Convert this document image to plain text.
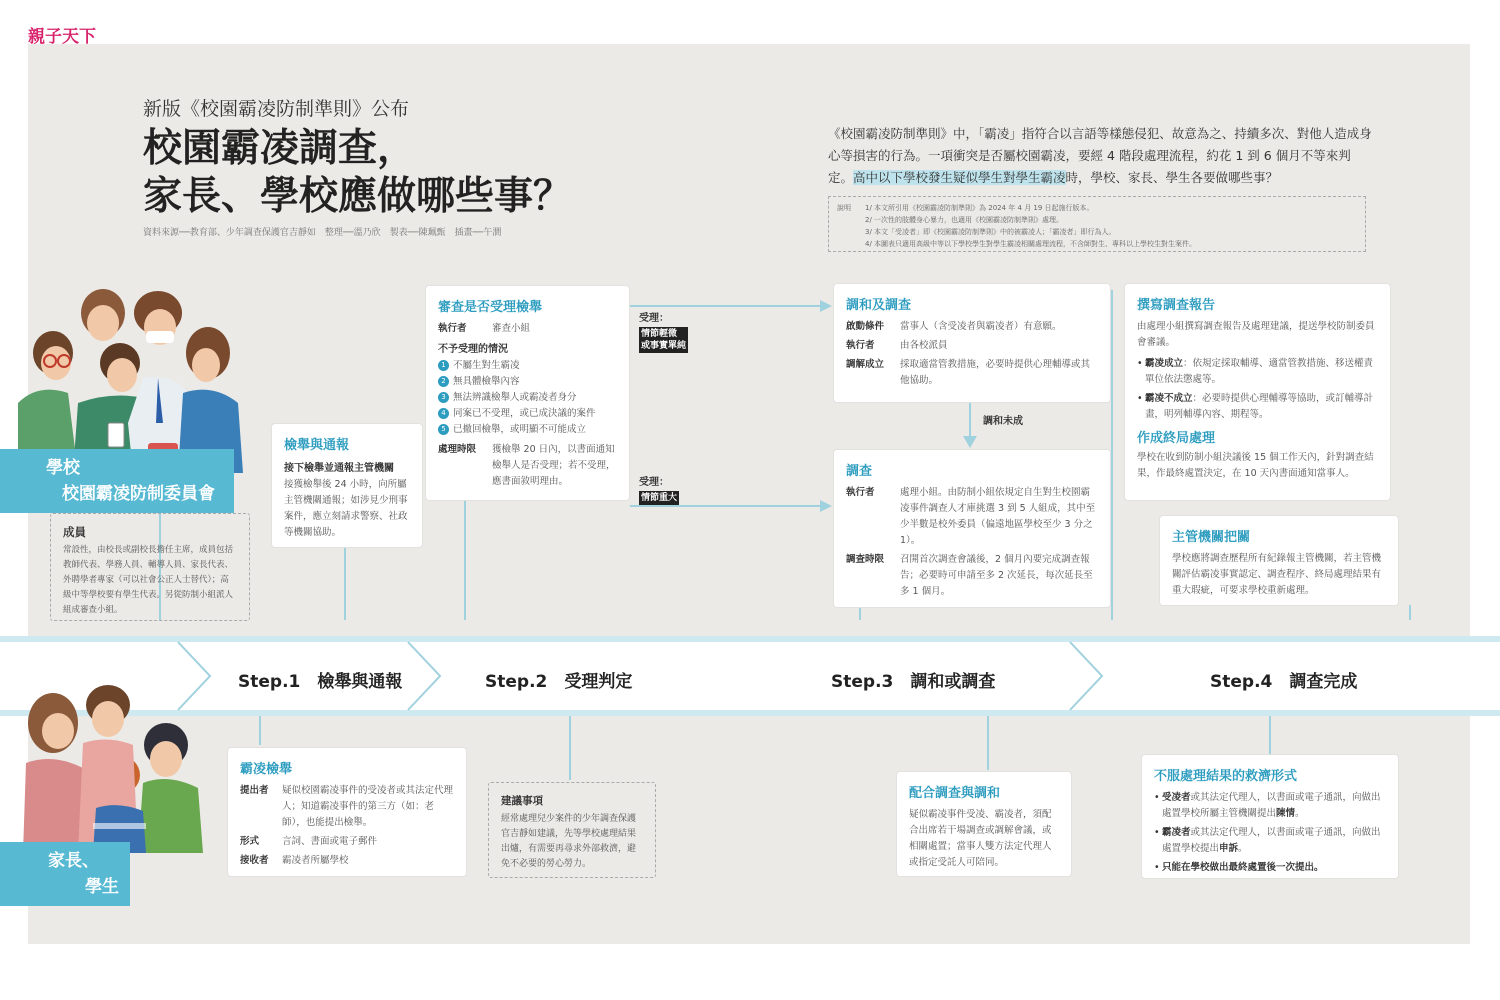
親子天下
新版《校園霸凌防制準則》公布
校園霸凌調查，
家長、學校應做哪些事？
資料來源──教育部、少年調查保護官吉靜如　整理──溫乃欣　製表──陳珮甄　插畫──午澗
《校園霸凌防制準則》中，「霸凌」指符合以言語等樣態侵犯、故意為之、持續多次、對他人造成身心等損害的行為。一項衝突是否屬校園霸凌，要經 4 階段處理流程，約花 1 到 6 個月不等來判定。高中以下學校發生疑似學生對學生霸凌時，學校、家長、學生各要做哪些事？
說明	1/ 本文所引用《校園霸凌防制準則》為 2024 年 4 月 19 日起施行版本。
2/ 一次性的肢體身心暴力，也適用《校園霸凌防制準則》處理。
3/ 本文「受凌者」即《校園霸凌防制準則》中的被霸凌人；「霸凌者」即行為人。
4/ 本圖表只適用高級中等以下學校學生對學生霸凌相關處理流程，不含師對生、專科以上學校生對生案件。
Step.1　檢舉與通報	Step.2　受理判定	Step.3　調和或調查	Step.4　調查完成
學校
校園霸凌防制委員會
家長、
學生
成員
常設性，由校長或副校長擔任主席，成員包括教師代表、學務人員、輔導人員、家長代表、外聘學者專家（可以社會公正人士替代）；高級中等學校要有學生代表。另從防制小組派人組成審查小組。
檢舉與通報
接下檢舉並通報主管機關
接獲檢舉後 24 小時，向所屬主管機關通報；如涉見少刑事案件，應立刻請求警察、社政等機關協助。
審查是否受理檢舉
執行者	審查小組
不予受理的情況
1 不屬生對生霸凌
2 無具體檢舉內容
3 無法辨識檢舉人或霸凌者身分
4 同案已不受理，或已成決議的案件
5 已撤回檢舉，或明顯不可能成立
處理時限	獲檢舉 20 日內，以書面通知檢舉人是否受理；若不受理，應書面敘明理由。
受理：
情節輕微
或事實單純
受理：
情節重大
調和及調查
啟動條件	當事人（含受凌者與霸凌者）有意願。
執行者	由各校派員
調解成立	採取適當管教措施，必要時提供心理輔導或其他協助。
調和未成
調查
執行者	處理小組。由防制小組依規定自生對生校園霸凌事件調查人才庫挑選 3 到 5 人組成，其中至少半數是校外委員（偏遠地區學校至少 3 分之 1）。
調查時限	召開首次調查會議後，2 個月內要完成調查報告；必要時可申請至多 2 次延長，每次延長至多 1 個月。
撰寫調查報告
由處理小組撰寫調查報告及處理建議，提送學校防制委員會審議。
• 霸凌成立：依規定採取輔導、適當管教措施、移送權責單位依法懲處等。
• 霸凌不成立：必要時提供心理輔導等協助，或訂輔導計畫，明列輔導內容、期程等。
作成終局處理
學校在收到防制小組決議後 15 個工作天內，針對調查結果，作最終處置決定，在 10 天內書面通知當事人。
主管機關把關
學校應將調查歷程所有紀錄報主管機關，若主管機關評估霸凌事實認定、調查程序、終局處理結果有重大瑕疵，可要求學校重新處理。
霸凌檢舉
提出者	疑似校園霸凌事件的受凌者或其法定代理人；知道霸凌事件的第三方（如：老師），也能提出檢舉。
形式	言詞、書面或電子郵件
接收者	霸凌者所屬學校
建議事項
經常處理兒少案件的少年調查保護官吉靜如建議，先等學校處理結果出爐，有需要再尋求外部救濟，避免不必要的勞心勞力。
配合調查與調和
疑似霸凌事件受凌、霸凌者，須配合出席若干場調查或調解會議，或相關處置；當事人雙方法定代理人或指定受託人可陪同。
不服處理結果的救濟形式
• 受凌者或其法定代理人，以書面或電子通訊，向做出處置學校所屬主管機關提出陳情。
• 霸凌者或其法定代理人，以書面或電子通訊，向做出處置學校提出申訴。
• 只能在學校做出最終處置後一次提出。
